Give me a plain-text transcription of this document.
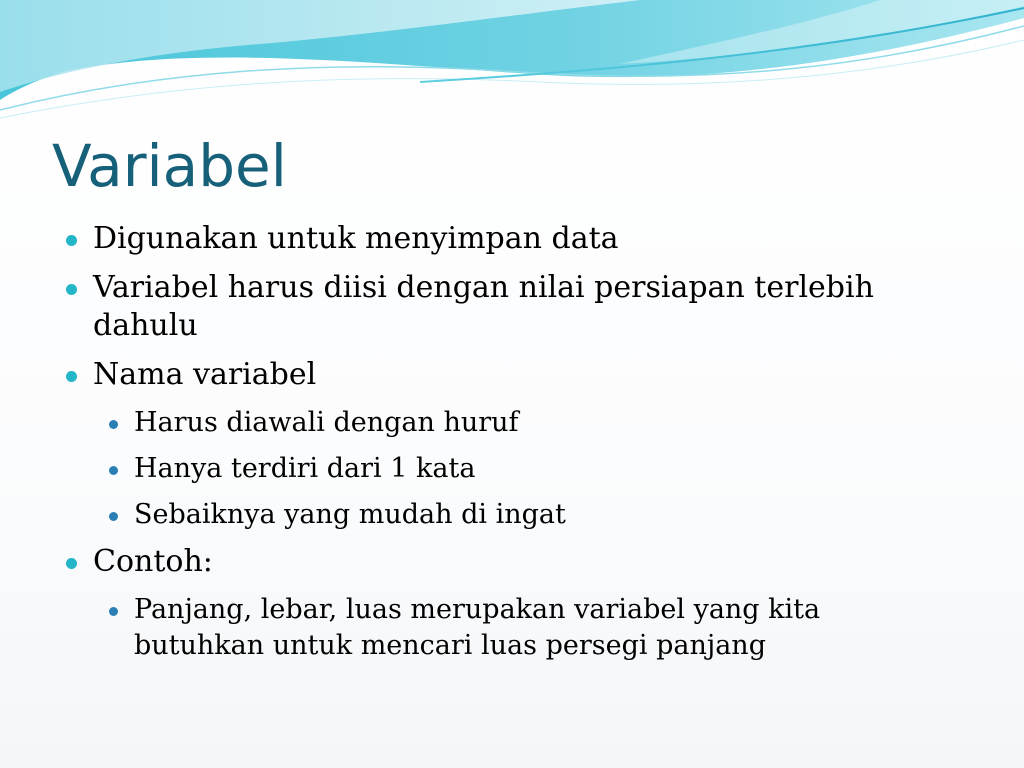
Variabel
Digunakan untuk menyimpan data
Variabel harus diisi dengan nilai persiapan terlebih dahulu
Nama variabel
Harus diawali dengan huruf
Hanya terdiri dari 1 kata
Sebaiknya yang mudah di ingat
Contoh:
Panjang, lebar, luas merupakan variabel yang kita butuhkan untuk mencari luas persegi panjang
